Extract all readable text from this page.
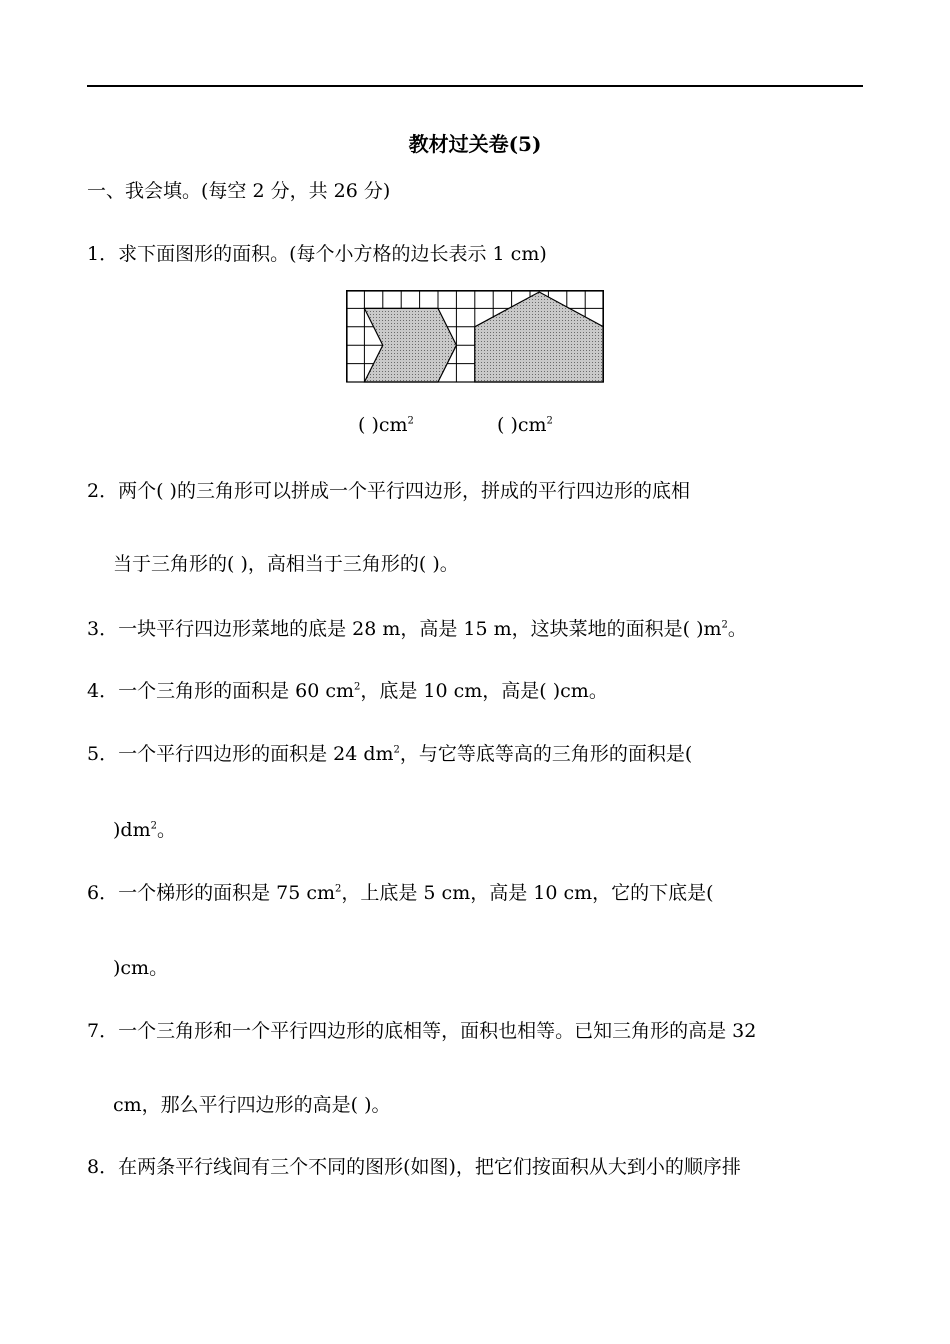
教材过关卷(5)
一、我会填。(每空 2 分，共 26 分)
1．求下面图形的面积。(每个小方格的边长表示 1 cm)
( )$cm^2$	( )$cm^2$
2．两个( )的三角形可以拼成一个平行四边形，拼成的平行四边形的底相
当于三角形的( )，高相当于三角形的( )。
3．一块平行四边形菜地的底是 28 m，高是 15 m，这块菜地的面积是( )$m^2$。
4．一个三角形的面积是 60 $cm^2$，底是 10 cm，高是( )cm。
5．一个平行四边形的面积是 24 $dm^2$，与它等底等高的三角形的面积是(
)$dm^2$。
6．一个梯形的面积是 75 $cm^2$，上底是 5 cm，高是 10 cm，它的下底是(
)cm。
7．一个三角形和一个平行四边形的底相等，面积也相等。已知三角形的高是 32
cm，那么平行四边形的高是( )。
8．在两条平行线间有三个不同的图形(如图)，把它们按面积从大到小的顺序排
